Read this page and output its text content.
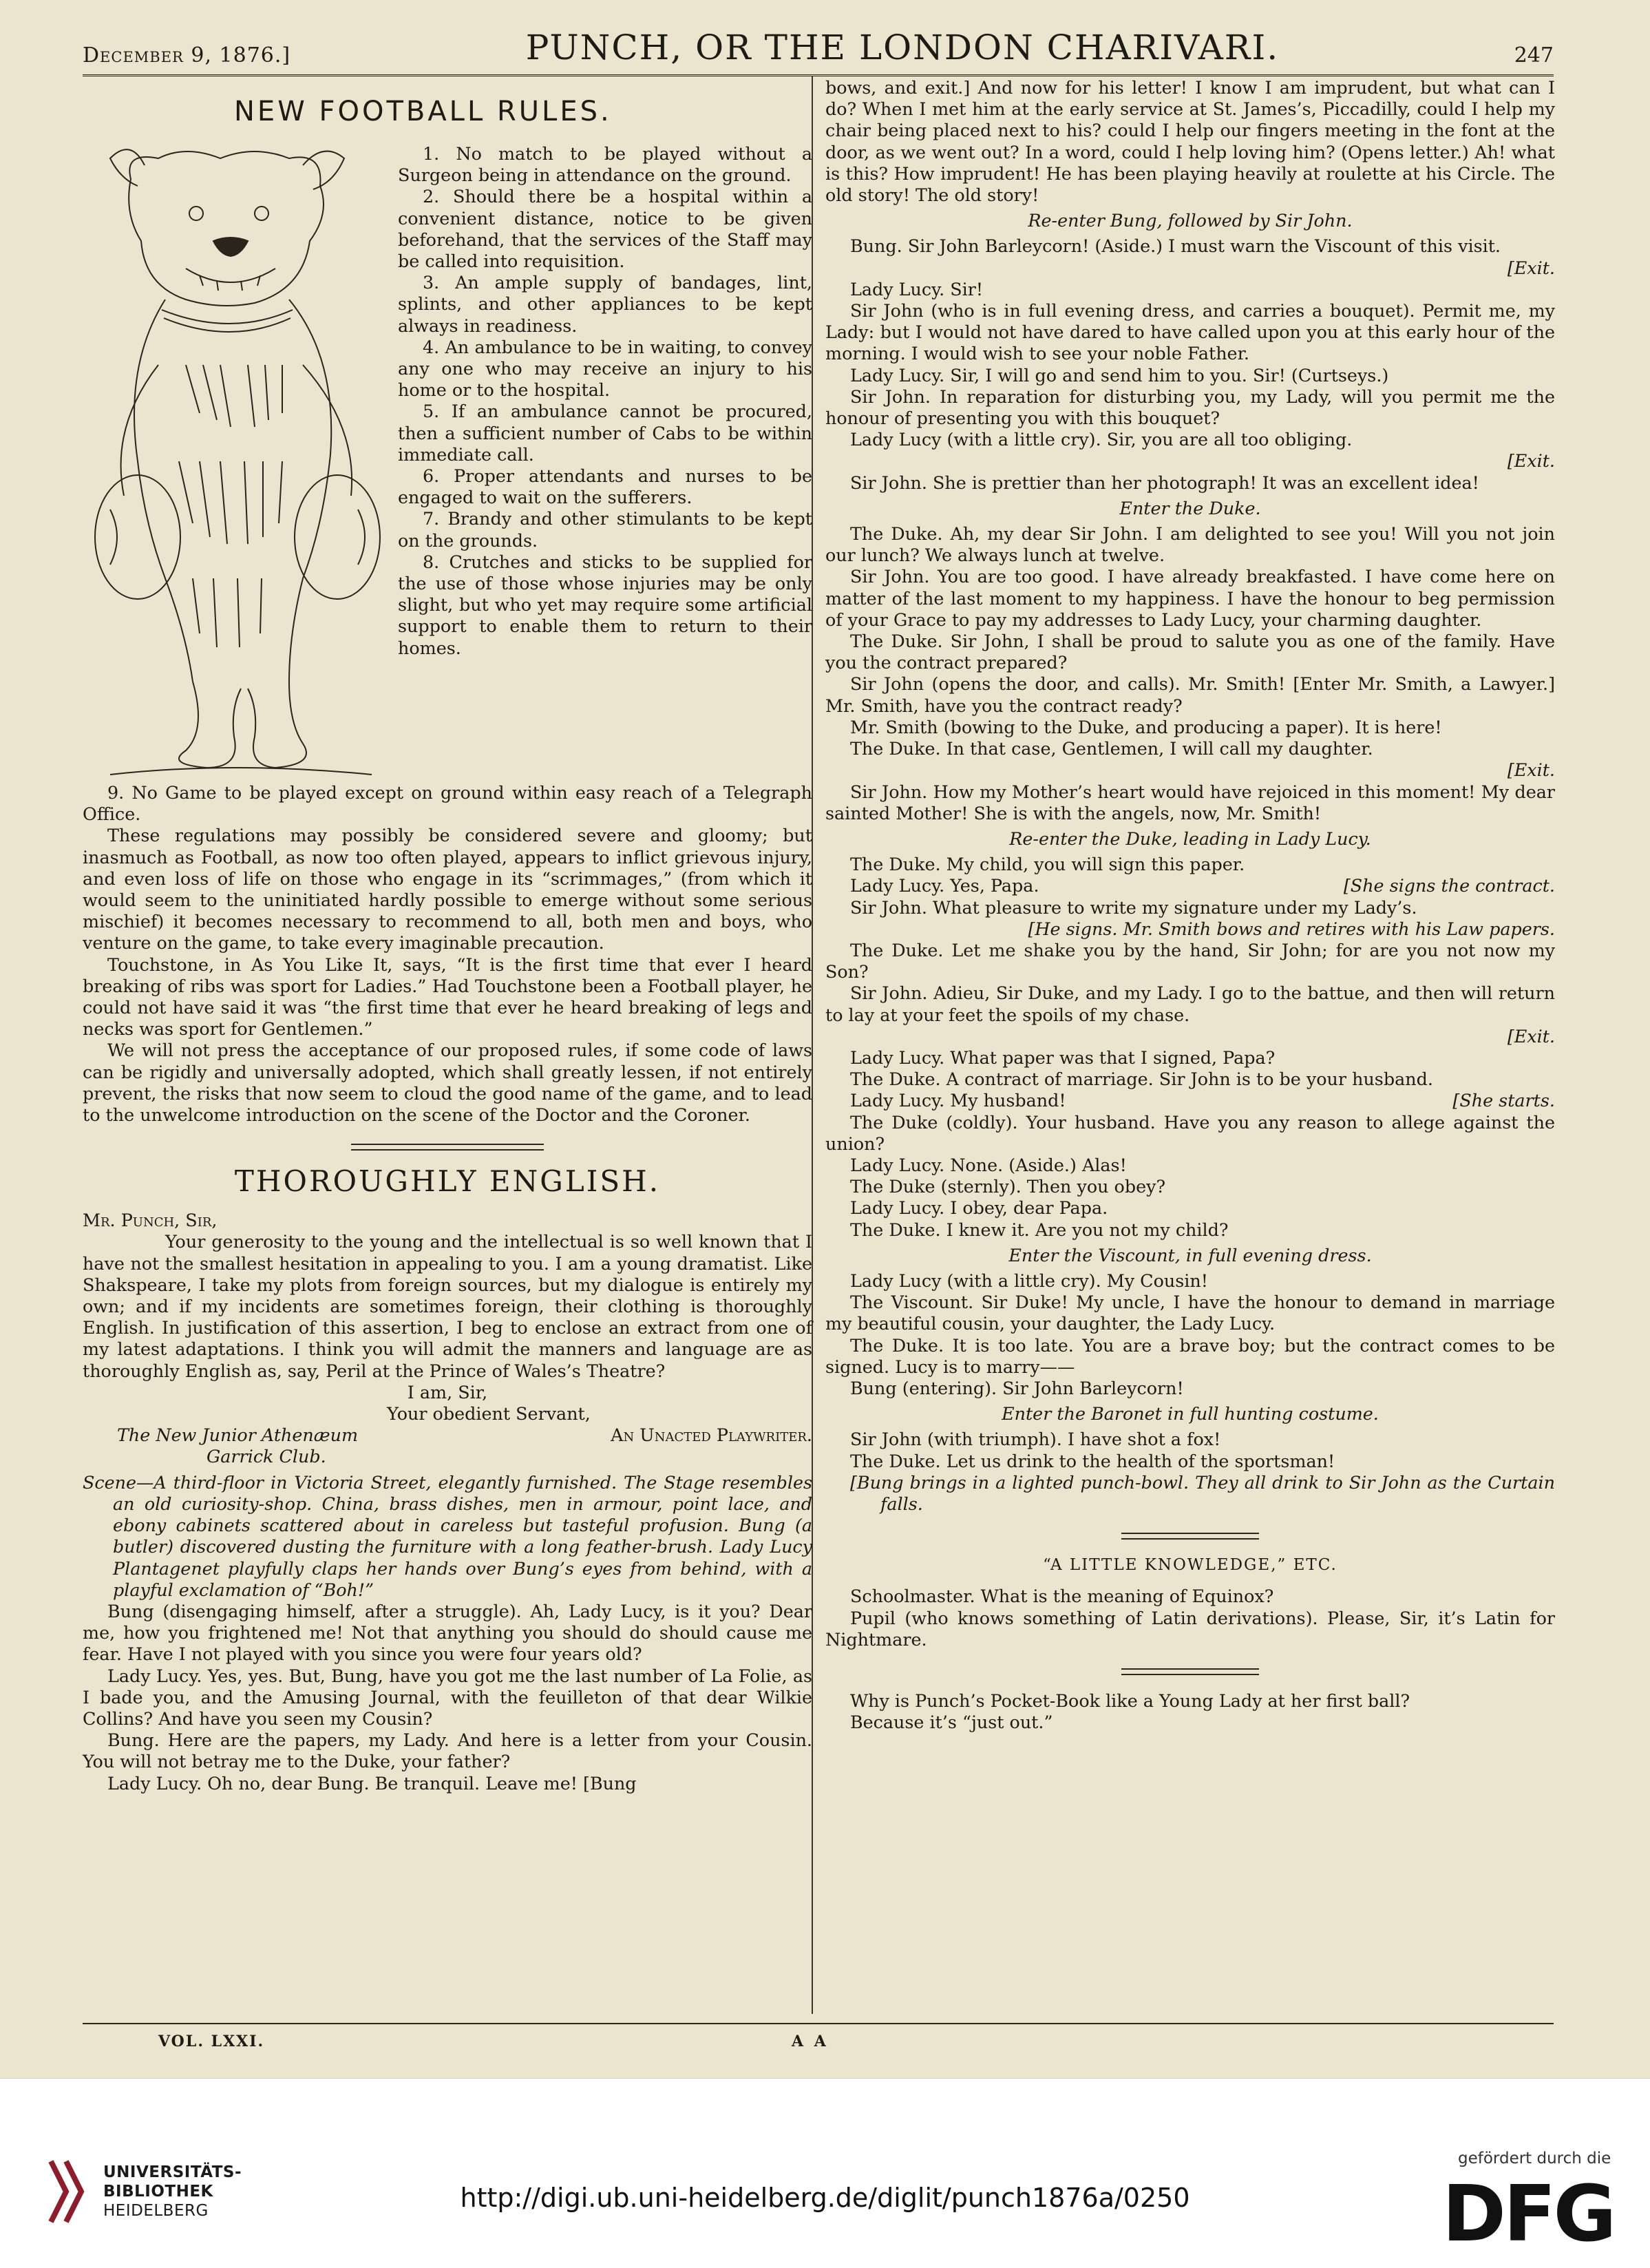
December 9, 1876.]	PUNCH, OR THE LONDON CHARIVARI.	247
NEW FOOTBALL RULES.

1. No match to be played without a Surgeon being in attendance on the ground.

2. Should there be a hospital within a convenient distance, notice to be given beforehand, that the services of the Staff may be called into requisition.

3. An ample supply of bandages, lint, splints, and other appliances to be kept always in readiness.

4. An ambulance to be in waiting, to convey any one who may receive an injury to his home or to the hospital.

5. If an ambulance cannot be procured, then a sufficient number of Cabs to be within immediate call.

6. Proper attendants and nurses to be engaged to wait on the sufferers.

7. Brandy and other stimulants to be kept on the grounds.

8. Crutches and sticks to be supplied for the use of those whose injuries may be only slight, but who yet may require some artificial support to enable them to return to their homes.

9. No Game to be played except on ground within easy reach of a Telegraph Office.

These regulations may possibly be considered severe and gloomy; but inasmuch as Football, as now too often played, appears to inflict grievous injury, and even loss of life on those who engage in its “scrimmages,” (from which it would seem to the uninitiated hardly possible to emerge without some serious mischief) it becomes necessary to recommend to all, both men and boys, who venture on the game, to take every imaginable precaution.

Touchstone, in As You Like It, says, “It is the first time that ever I heard breaking of ribs was sport for Ladies.” Had Touchstone been a Football player, he could not have said it was “the first time that ever he heard breaking of legs and necks was sport for Gentlemen.”

We will not press the acceptance of our proposed rules, if some code of laws can be rigidly and universally adopted, which shall greatly lessen, if not entirely prevent, the risks that now seem to cloud the good name of the game, and to lead to the unwelcome introduction on the scene of the Doctor and the Coroner.

THOROUGHLY ENGLISH.

Mr. Punch, Sir,

Your generosity to the young and the intellectual is so well known that I have not the smallest hesitation in appealing to you. I am a young dramatist. Like Shakspeare, I take my plots from foreign sources, but my dialogue is entirely my own; and if my incidents are sometimes foreign, their clothing is thoroughly English. In justification of this assertion, I beg to enclose an extract from one of my latest adaptations. I think you will admit the manners and language are as thoroughly English as, say, Peril at the Prince of Wales’s Theatre?

I am, Sir,

Your obedient Servant,

The New Junior Athenæum	An Unacted Playwriter.

Garrick Club.

Scene—A third-floor in Victoria Street, elegantly furnished. The Stage resembles an old curiosity-shop. China, brass dishes, men in armour, point lace, and ebony cabinets scattered about in careless but tasteful profusion. Bung (a butler) discovered dusting the furniture with a long feather-brush. Lady Lucy Plantagenet playfully claps her hands over Bung’s eyes from behind, with a playful exclamation of “Boh!”

Bung (disengaging himself, after a struggle). Ah, Lady Lucy, is it you? Dear me, how you frightened me! Not that anything you should do should cause me fear. Have I not played with you since you were four years old?

Lady Lucy. Yes, yes. But, Bung, have you got me the last number of La Folie, as I bade you, and the Amusing Journal, with the feuilleton of that dear Wilkie Collins? And have you seen my Cousin?

Bung. Here are the papers, my Lady. And here is a letter from your Cousin. You will not betray me to the Duke, your father?

Lady Lucy. Oh no, dear Bung. Be tranquil. Leave me! [Bung

bows, and exit.] And now for his letter! I know I am imprudent, but what can I do? When I met him at the early service at St. James’s, Piccadilly, could I help my chair being placed next to his? could I help our fingers meeting in the font at the door, as we went out? In a word, could I help loving him? (Opens letter.) Ah! what is this? How imprudent! He has been playing heavily at roulette at his Circle. The old story! The old story!

Re-enter Bung, followed by Sir John.

Bung. Sir John Barleycorn! (Aside.) I must warn the Viscount of this visit.

[Exit.

Lady Lucy. Sir!

Sir John (who is in full evening dress, and carries a bouquet). Permit me, my Lady: but I would not have dared to have called upon you at this early hour of the morning. I would wish to see your noble Father.

Lady Lucy. Sir, I will go and send him to you. Sir! (Curtseys.)

Sir John. In reparation for disturbing you, my Lady, will you permit me the honour of presenting you with this bouquet?

Lady Lucy (with a little cry). Sir, you are all too obliging.

[Exit.

Sir John. She is prettier than her photograph! It was an excellent idea!

Enter the Duke.

The Duke. Ah, my dear Sir John. I am delighted to see you! Will you not join our lunch? We always lunch at twelve.

Sir John. You are too good. I have already breakfasted. I have come here on matter of the last moment to my happiness. I have the honour to beg permission of your Grace to pay my addresses to Lady Lucy, your charming daughter.

The Duke. Sir John, I shall be proud to salute you as one of the family. Have you the contract prepared?

Sir John (opens the door, and calls). Mr. Smith! [Enter Mr. Smith, a Lawyer.] Mr. Smith, have you the contract ready?

Mr. Smith (bowing to the Duke, and producing a paper). It is here!

The Duke. In that case, Gentlemen, I will call my daughter.

[Exit.

Sir John. How my Mother’s heart would have rejoiced in this moment! My dear sainted Mother! She is with the angels, now, Mr. Smith!

Re-enter the Duke, leading in Lady Lucy.

The Duke. My child, you will sign this paper.

Lady Lucy. Yes, Papa.	[She signs the contract.

Sir John. What pleasure to write my signature under my Lady’s.

[He signs. Mr. Smith bows and retires with his Law papers.

The Duke. Let me shake you by the hand, Sir John; for are you not now my Son?

Sir John. Adieu, Sir Duke, and my Lady. I go to the battue, and then will return to lay at your feet the spoils of my chase.

[Exit.

Lady Lucy. What paper was that I signed, Papa?

The Duke. A contract of marriage. Sir John is to be your husband.

Lady Lucy. My husband!	[She starts.

The Duke (coldly). Your husband. Have you any reason to allege against the union?

Lady Lucy. None. (Aside.) Alas!

The Duke (sternly). Then you obey?

Lady Lucy. I obey, dear Papa.

The Duke. I knew it. Are you not my child?

Enter the Viscount, in full evening dress.

Lady Lucy (with a little cry). My Cousin!

The Viscount. Sir Duke! My uncle, I have the honour to demand in marriage my beautiful cousin, your daughter, the Lady Lucy.

The Duke. It is too late. You are a brave boy; but the contract comes to be signed. Lucy is to marry——

Bung (entering). Sir John Barleycorn!

Enter the Baronet in full hunting costume.

Sir John (with triumph). I have shot a fox!

The Duke. Let us drink to the health of the sportsman!

[Bung brings in a lighted punch-bowl. They all drink to Sir John as the Curtain falls.

“A LITTLE KNOWLEDGE,” ETC.

Schoolmaster. What is the meaning of Equinox?

Pupil (who knows something of Latin derivations). Please, Sir, it’s Latin for Nightmare.

Why is Punch’s Pocket-Book like a Young Lady at her first ball?

Because it’s “just out.”

VOL. LXXI.	A A
UNIVERSITÄTS-
BIBLIOTHEK
HEIDELBERG	http://digi.ub.uni-heidelberg.de/diglit/punch1876a/0250
gefördert durch die
DFG
